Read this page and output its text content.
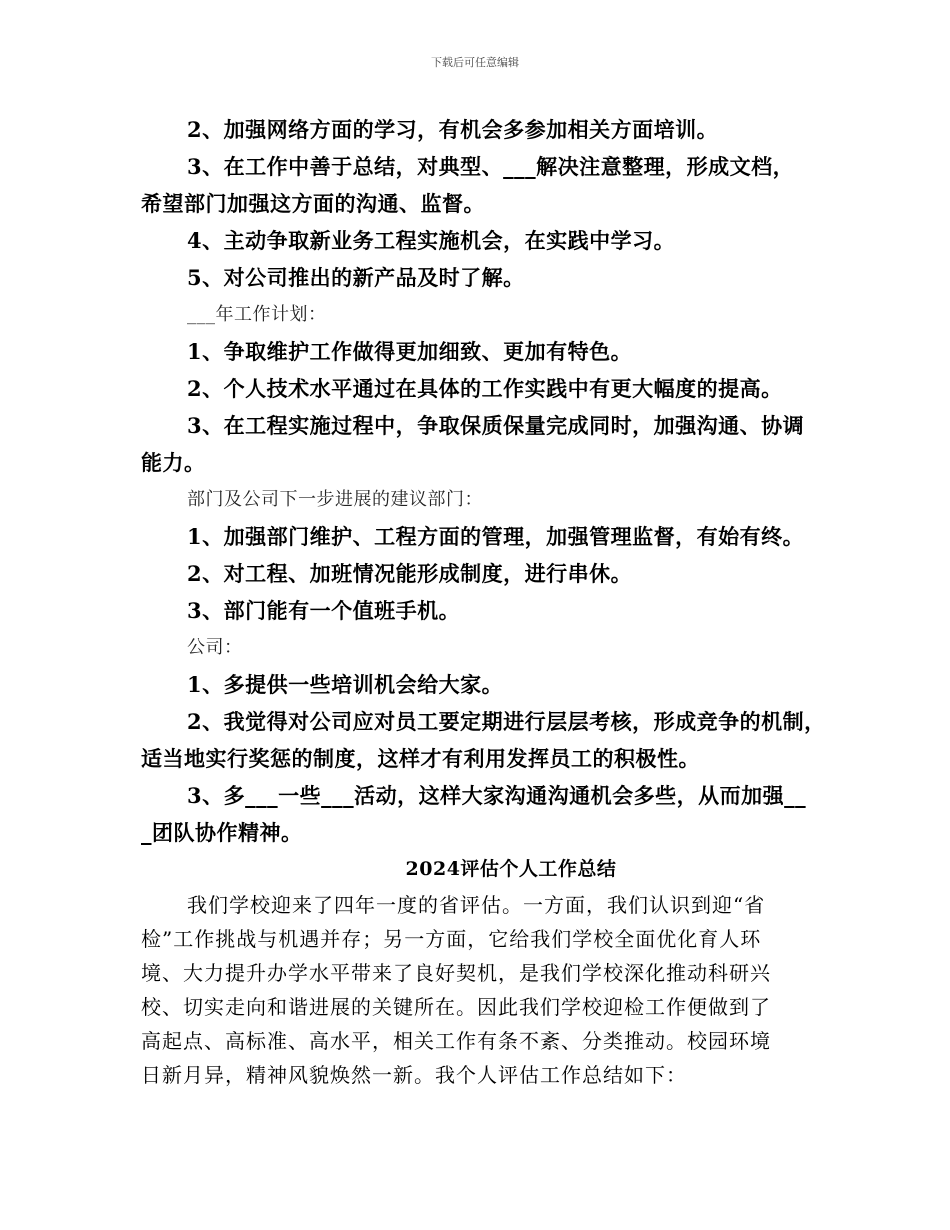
下载后可任意编辑

2、加强网络方面的学习，有机会多参加相关方面培训。

3、在工作中善于总结，对典型、___解决注意整理，形成文档，

希望部门加强这方面的沟通、监督。

4、主动争取新业务工程实施机会，在实践中学习。

5、对公司推出的新产品及时了解。

___年工作计划：

1、争取维护工作做得更加细致、更加有特色。

2、个人技术水平通过在具体的工作实践中有更大幅度的提高。

3、在工程实施过程中，争取保质保量完成同时，加强沟通、协调

能力。

部门及公司下一步进展的建议部门：

1、加强部门维护、工程方面的管理，加强管理监督，有始有终。

2、对工程、加班情况能形成制度，进行串休。

3、部门能有一个值班手机。

公司：

1、多提供一些培训机会给大家。

2、我觉得对公司应对员工要定期进行层层考核，形成竞争的机制，

适当地实行奖惩的制度，这样才有利用发挥员工的积极性。

3、多___一些___活动，这样大家沟通沟通机会多些，从而加强__

_团队协作精神。

2024评估个人工作总结

我们学校迎来了四年一度的省评估。一方面，我们认识到迎“省

检”工作挑战与机遇并存；另一方面，它给我们学校全面优化育人环

境、大力提升办学水平带来了良好契机，是我们学校深化推动科研兴

校、切实走向和谐进展的关键所在。因此我们学校迎检工作便做到了

高起点、高标准、高水平，相关工作有条不紊、分类推动。校园环境

日新月异，精神风貌焕然一新。我个人评估工作总结如下：
